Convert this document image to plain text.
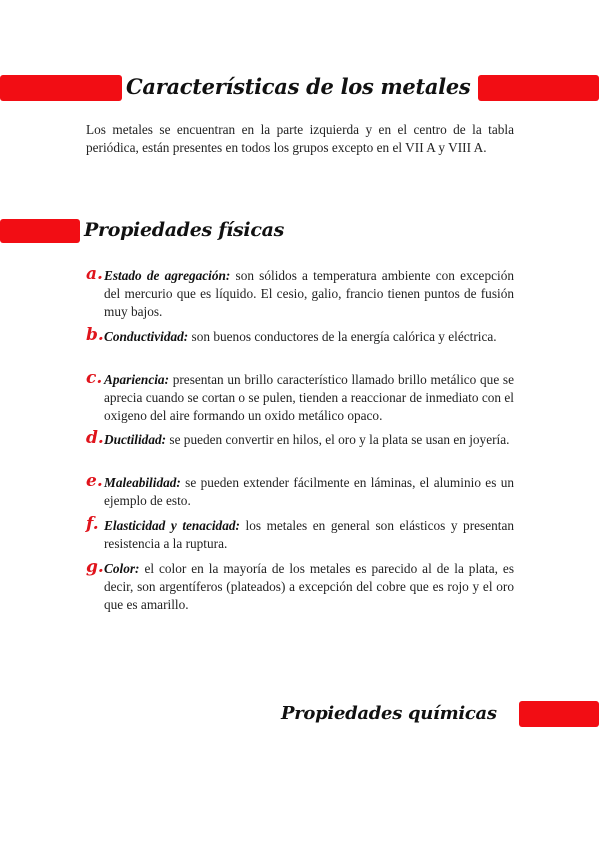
Características de los metales

Los metales se encuentran en la parte izquierda y en el centro de la tabla periódica, están presentes en todos los grupos excepto en el VII A y VIII A.

Propiedades físicas
a. Estado de agregación: son sólidos a temperatura ambiente con excepción del mercurio que es líquido. El cesio, galio, francio tienen puntos de fusión muy bajos.

b. Conductividad: son buenos conductores de la energía calórica y eléctrica.

c. Apariencia: presentan un brillo característico llamado brillo metálico que se aprecia cuando se cortan o se pulen, tienden a reaccionar de inmediato con el oxigeno del aire formando un oxido metálico opaco.

d. Ductilidad: se pueden convertir en hilos, el oro y la plata se usan en joyería.

e. Maleabilidad: se pueden extender fácilmente en láminas, el aluminio es un ejemplo de esto.

f. Elasticidad y tenacidad: los metales en general son elásticos y presentan resistencia a la ruptura.

g. Color: el color en la mayoría de los metales es parecido al de la plata, es decir, son argentíferos (plateados) a excepción del cobre que es rojo y el oro que es amarillo.

Propiedades químicas
